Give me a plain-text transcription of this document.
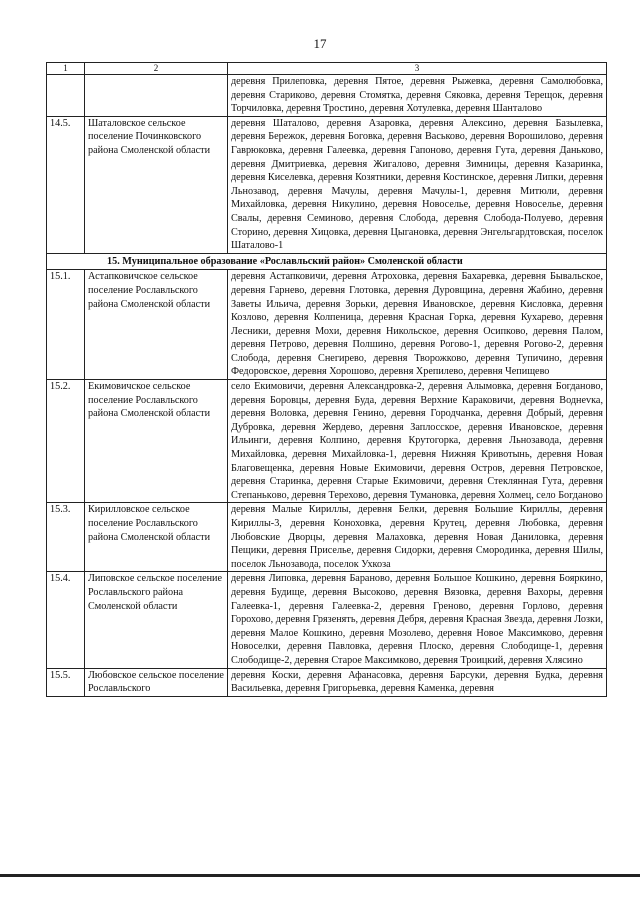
17
1	2	3
		деревня Прилеповка, деревня Пятое, деревня Рыжевка, деревня Самолюбовка, деревня Стариково, деревня Стомятка, деревня Сяковка, деревня Терещок, деревня Торчиловка, деревня Тростино, деревня Хотулевка, деревня Шанталово
14.5.	Шаталовское сельское поселение Починковского района Смоленской области	деревня Шаталово, деревня Азаровка, деревня Алексино, деревня Базылевка, деревня Бережок, деревня Боговка, деревня Васьково, деревня Ворошилово, деревня Гаврюковка, деревня Галеевка, деревня Гапоново, деревня Гута, деревня Даньково, деревня Дмитриевка, деревня Жигалово, деревня Зимницы, деревня Казаринка, деревня Киселевка, деревня Козятники, деревня Костинское, деревня Липки, деревня Льнозавод, деревня Мачулы, деревня Мачулы-1, деревня Митюли, деревня Михайловка, деревня Никулино, деревня Новоселье, деревня Новоселье, деревня Свалы, деревня Семиново, деревня Слобода, деревня Слобода-Полуево, деревня Сторино, деревня Хицовка, деревня Цыгановка, деревня Энгельгардтовская, поселок Шаталово-1
15. Муниципальное образование «Рославльский район» Смоленской области		
15.1.	Астапковичское сельское поселение Рославльского района Смоленской области	деревня Астапковичи, деревня Атрохoвка, деревня Бахаревка, деревня Бывальское, деревня Гарнево, деревня Глотовка, деревня Дуровщина, деревня Жабино, деревня Заветы Ильича, деревня Зорьки, деревня Ивановское, деревня Кисловка, деревня Козлово, деревня Колпеница, деревня Красная Горка, деревня Кухарево, деревня Лесники, деревня Мохи, деревня Никольское, деревня Осипково, деревня Палом, деревня Петрово, деревня Полшино, деревня Рогово-1, деревня Рогово-2, деревня Слобода, деревня Снегирево, деревня Творожково, деревня Тупичино, деревня Федоровское, деревня Хорошово, деревня Хрепилево, деревня Чепищево
15.2.	Екимовичское сельское поселение Рославльского района Смоленской области	село Екимовичи, деревня Александровка-2, деревня Алымовка, деревня Богданово, деревня Боровцы, деревня Буда, деревня Верхние Караковичи, деревня Воднevка, деревня Воловка, деревня Генино, деревня Городчанка, деревня Добрый, деревня Дубровка, деревня Жердево, деревня Заплосское, деревня Ивановское, деревня Ильинги, деревня Колпино, деревня Крутогорка, деревня Льнозавода, деревня Михайловка, деревня Михайловка-1, деревня Нижняя Кривотынь, деревня Новая Благовещенка, деревня Новые Екимовичи, деревня Остров, деревня Петровское, деревня Старинка, деревня Старые Екимовичи, деревня Стеклянная Гута, деревня Степанькoво, деревня Терехово, деревня Тумановка, деревня Холмец, село Богданово
15.3.	Кирилловское сельское поселение Рославльского района Смоленской области	деревня Малые Кириллы, деревня Белки, деревня Большие Кириллы, деревня Кириллы-3, деревня Коноховка, деревня Крутец, деревня Любовка, деревня Любовские Дворцы, деревня Малаховка, деревня Новая Даниловка, деревня Пещики, деревня Приселье, деревня Сидорки, деревня Смородинка, деревня Шилы, поселок Льнозавода, поселок Ухкоза
15.4.	Липовское сельское поселение Рославльского района Смоленской области	деревня Липовка, деревня Бараново, деревня Большое Кошкино, деревня Бояркино, деревня Будище, деревня Высоково, деревня Вязовка, деревня Вахоры, деревня Галеевка-1, деревня Галеевка-2, деревня Греново, деревня Горлово, деревня Горохово, деревня Грязенять, деревня Дебря, деревня Красная Звезда, деревня Лозки, деревня Малое Кошкино, деревня Мозолево, деревня Новое Максимково, деревня Новоселки, деревня Павловка, деревня Плоско, деревня Слободище-1, деревня Слободище-2, деревня Старое Максимково, деревня Троицкий, деревня Хлясино
15.5.	Любовское сельское поселение Рославльского	деревня Коски, деревня Афанасовка, деревня Барсуки, деревня Будка, деревня Васильевка, деревня Григорьевка, деревня Каменка, деревня
